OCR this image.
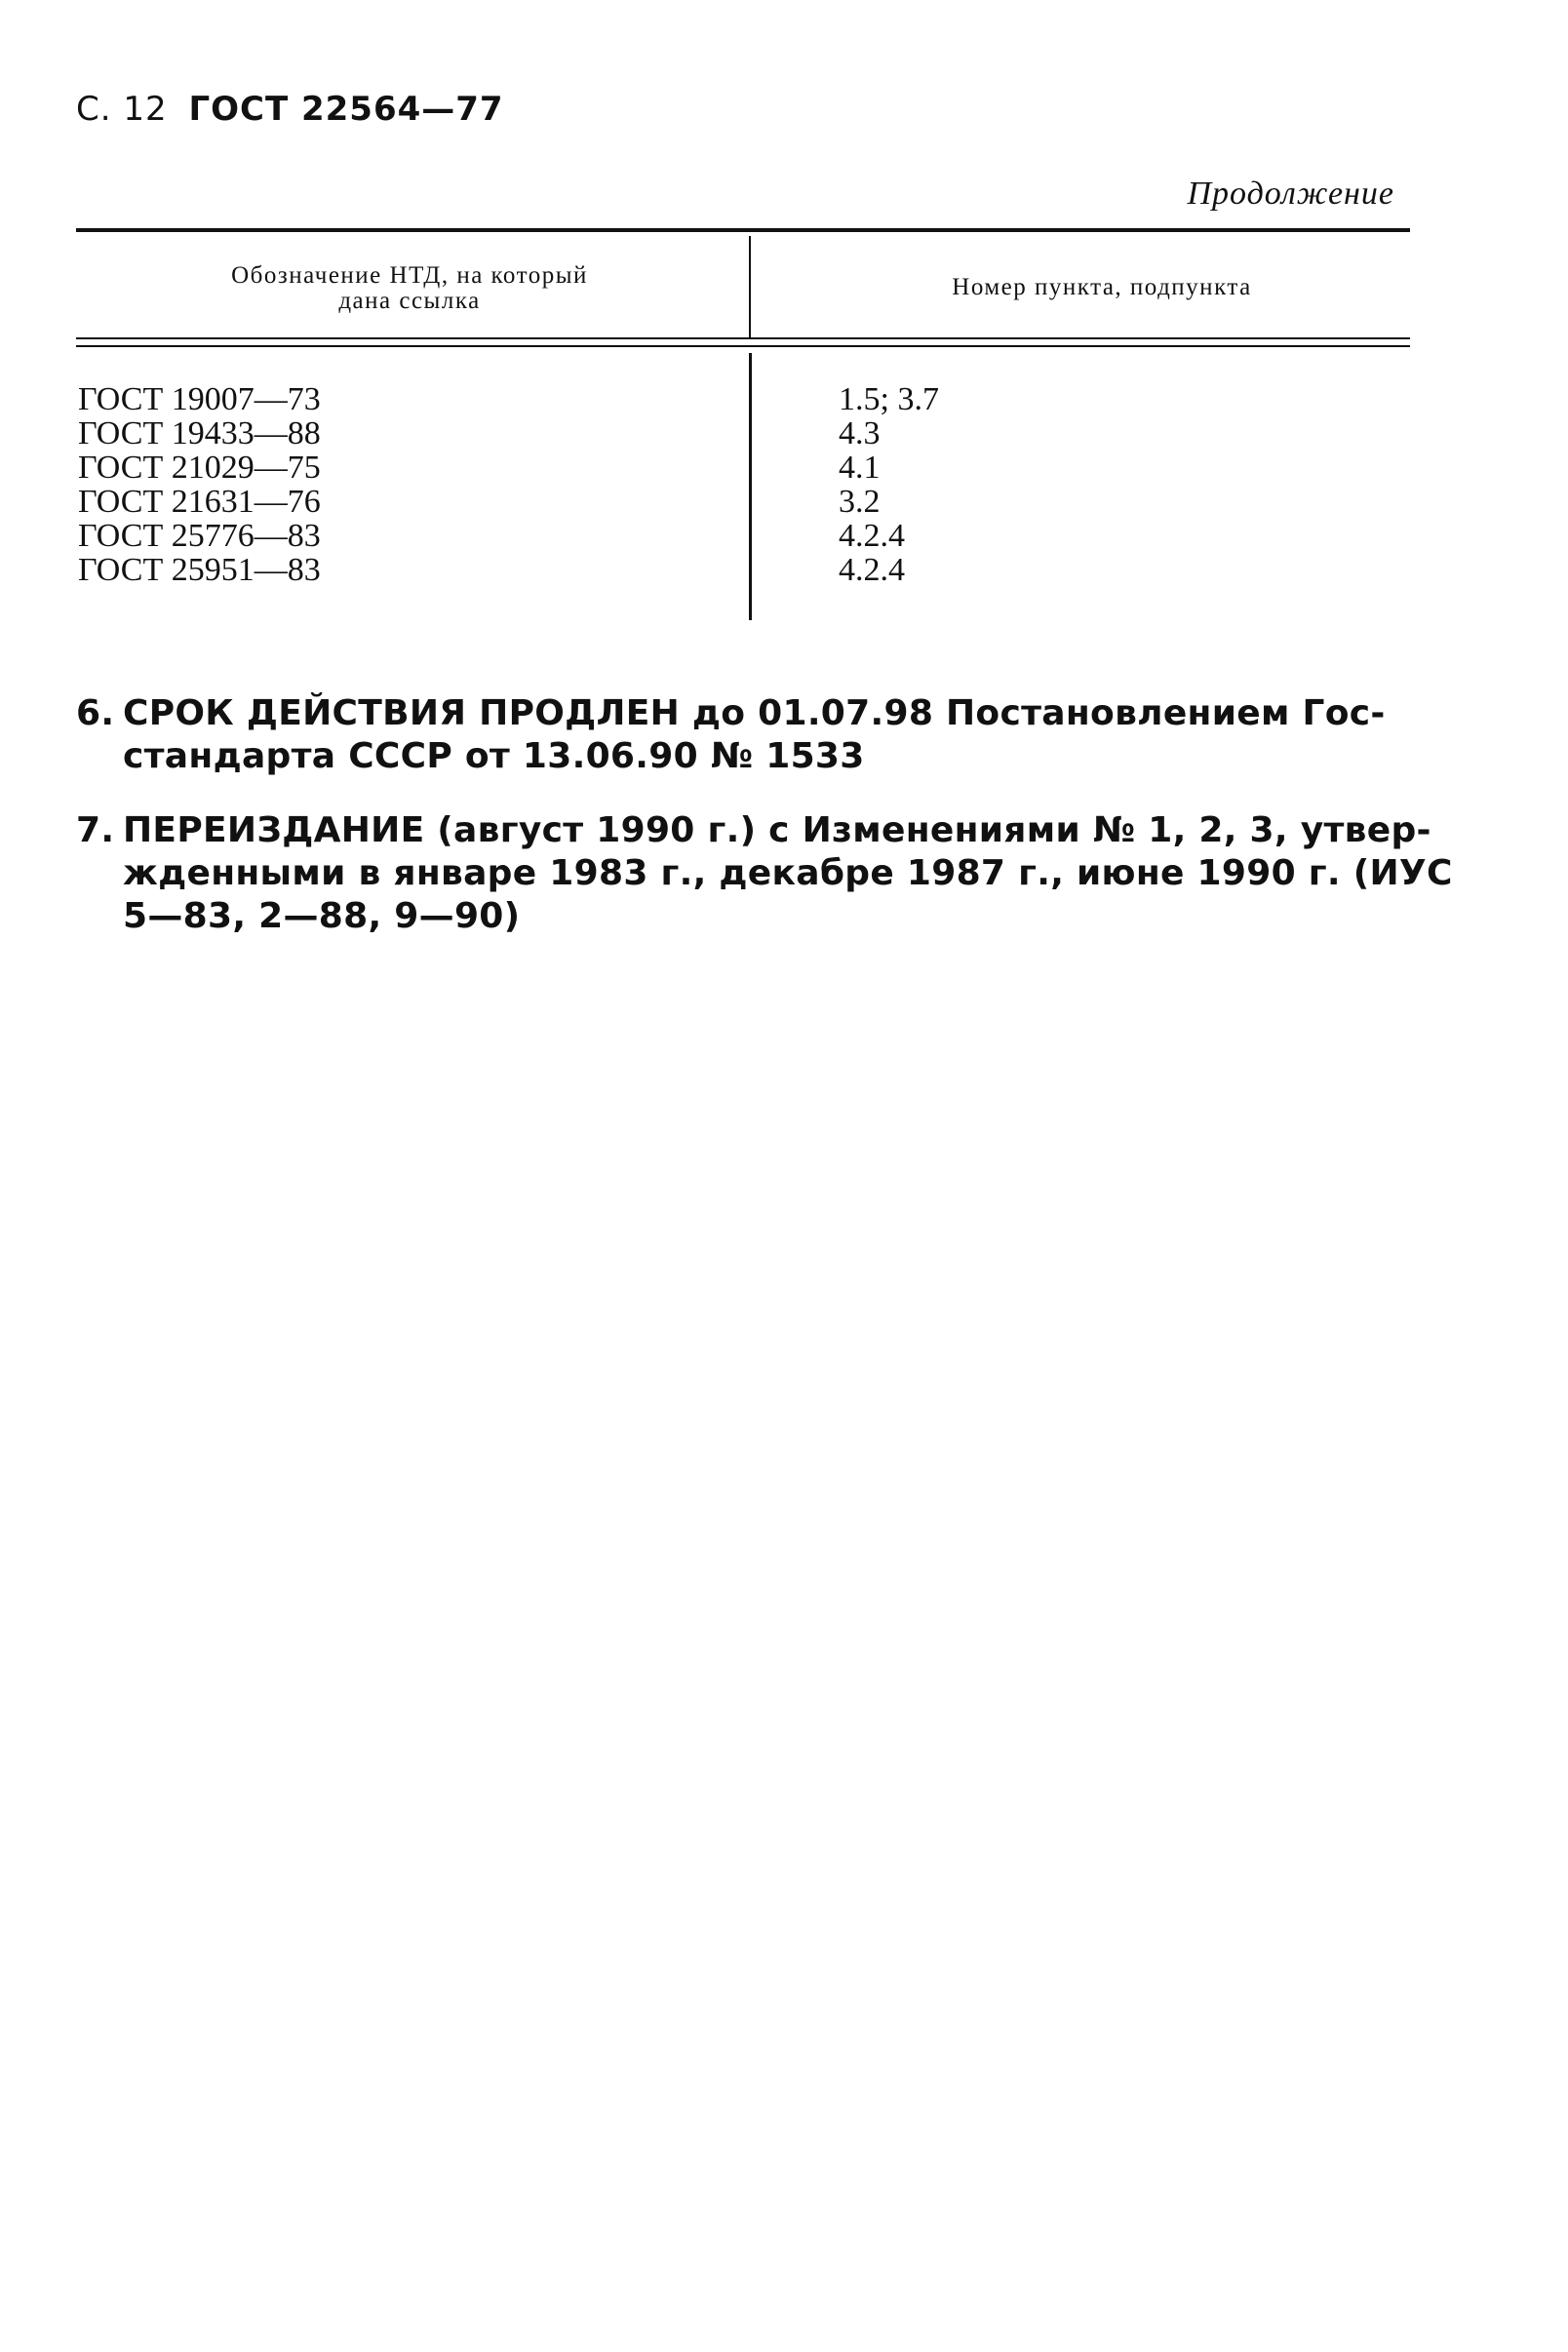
С. 12 ГОСТ 22564—77
Продолжение
Обозначение НТД, на который
дана ссылка
Номер пункта, подпункта
ГОСТ 19007—73
ГОСТ 19433—88
ГОСТ 21029—75
ГОСТ 21631—76
ГОСТ 25776—83
ГОСТ 25951—83
1.5; 3.7
4.3
4.1
3.2
4.2.4
4.2.4
6. СРОК ДЕЙСТВИЯ ПРОДЛЕН до 01.07.98 Постановлением Гос-
стандарта СССР от 13.06.90 № 1533
7. ПЕРЕИЗДАНИЕ (август 1990 г.) с Изменениями № 1, 2, 3, утвер-
жденными в январе 1983 г., декабре 1987 г., июне 1990 г. (ИУС
5—83, 2—88, 9—90)
